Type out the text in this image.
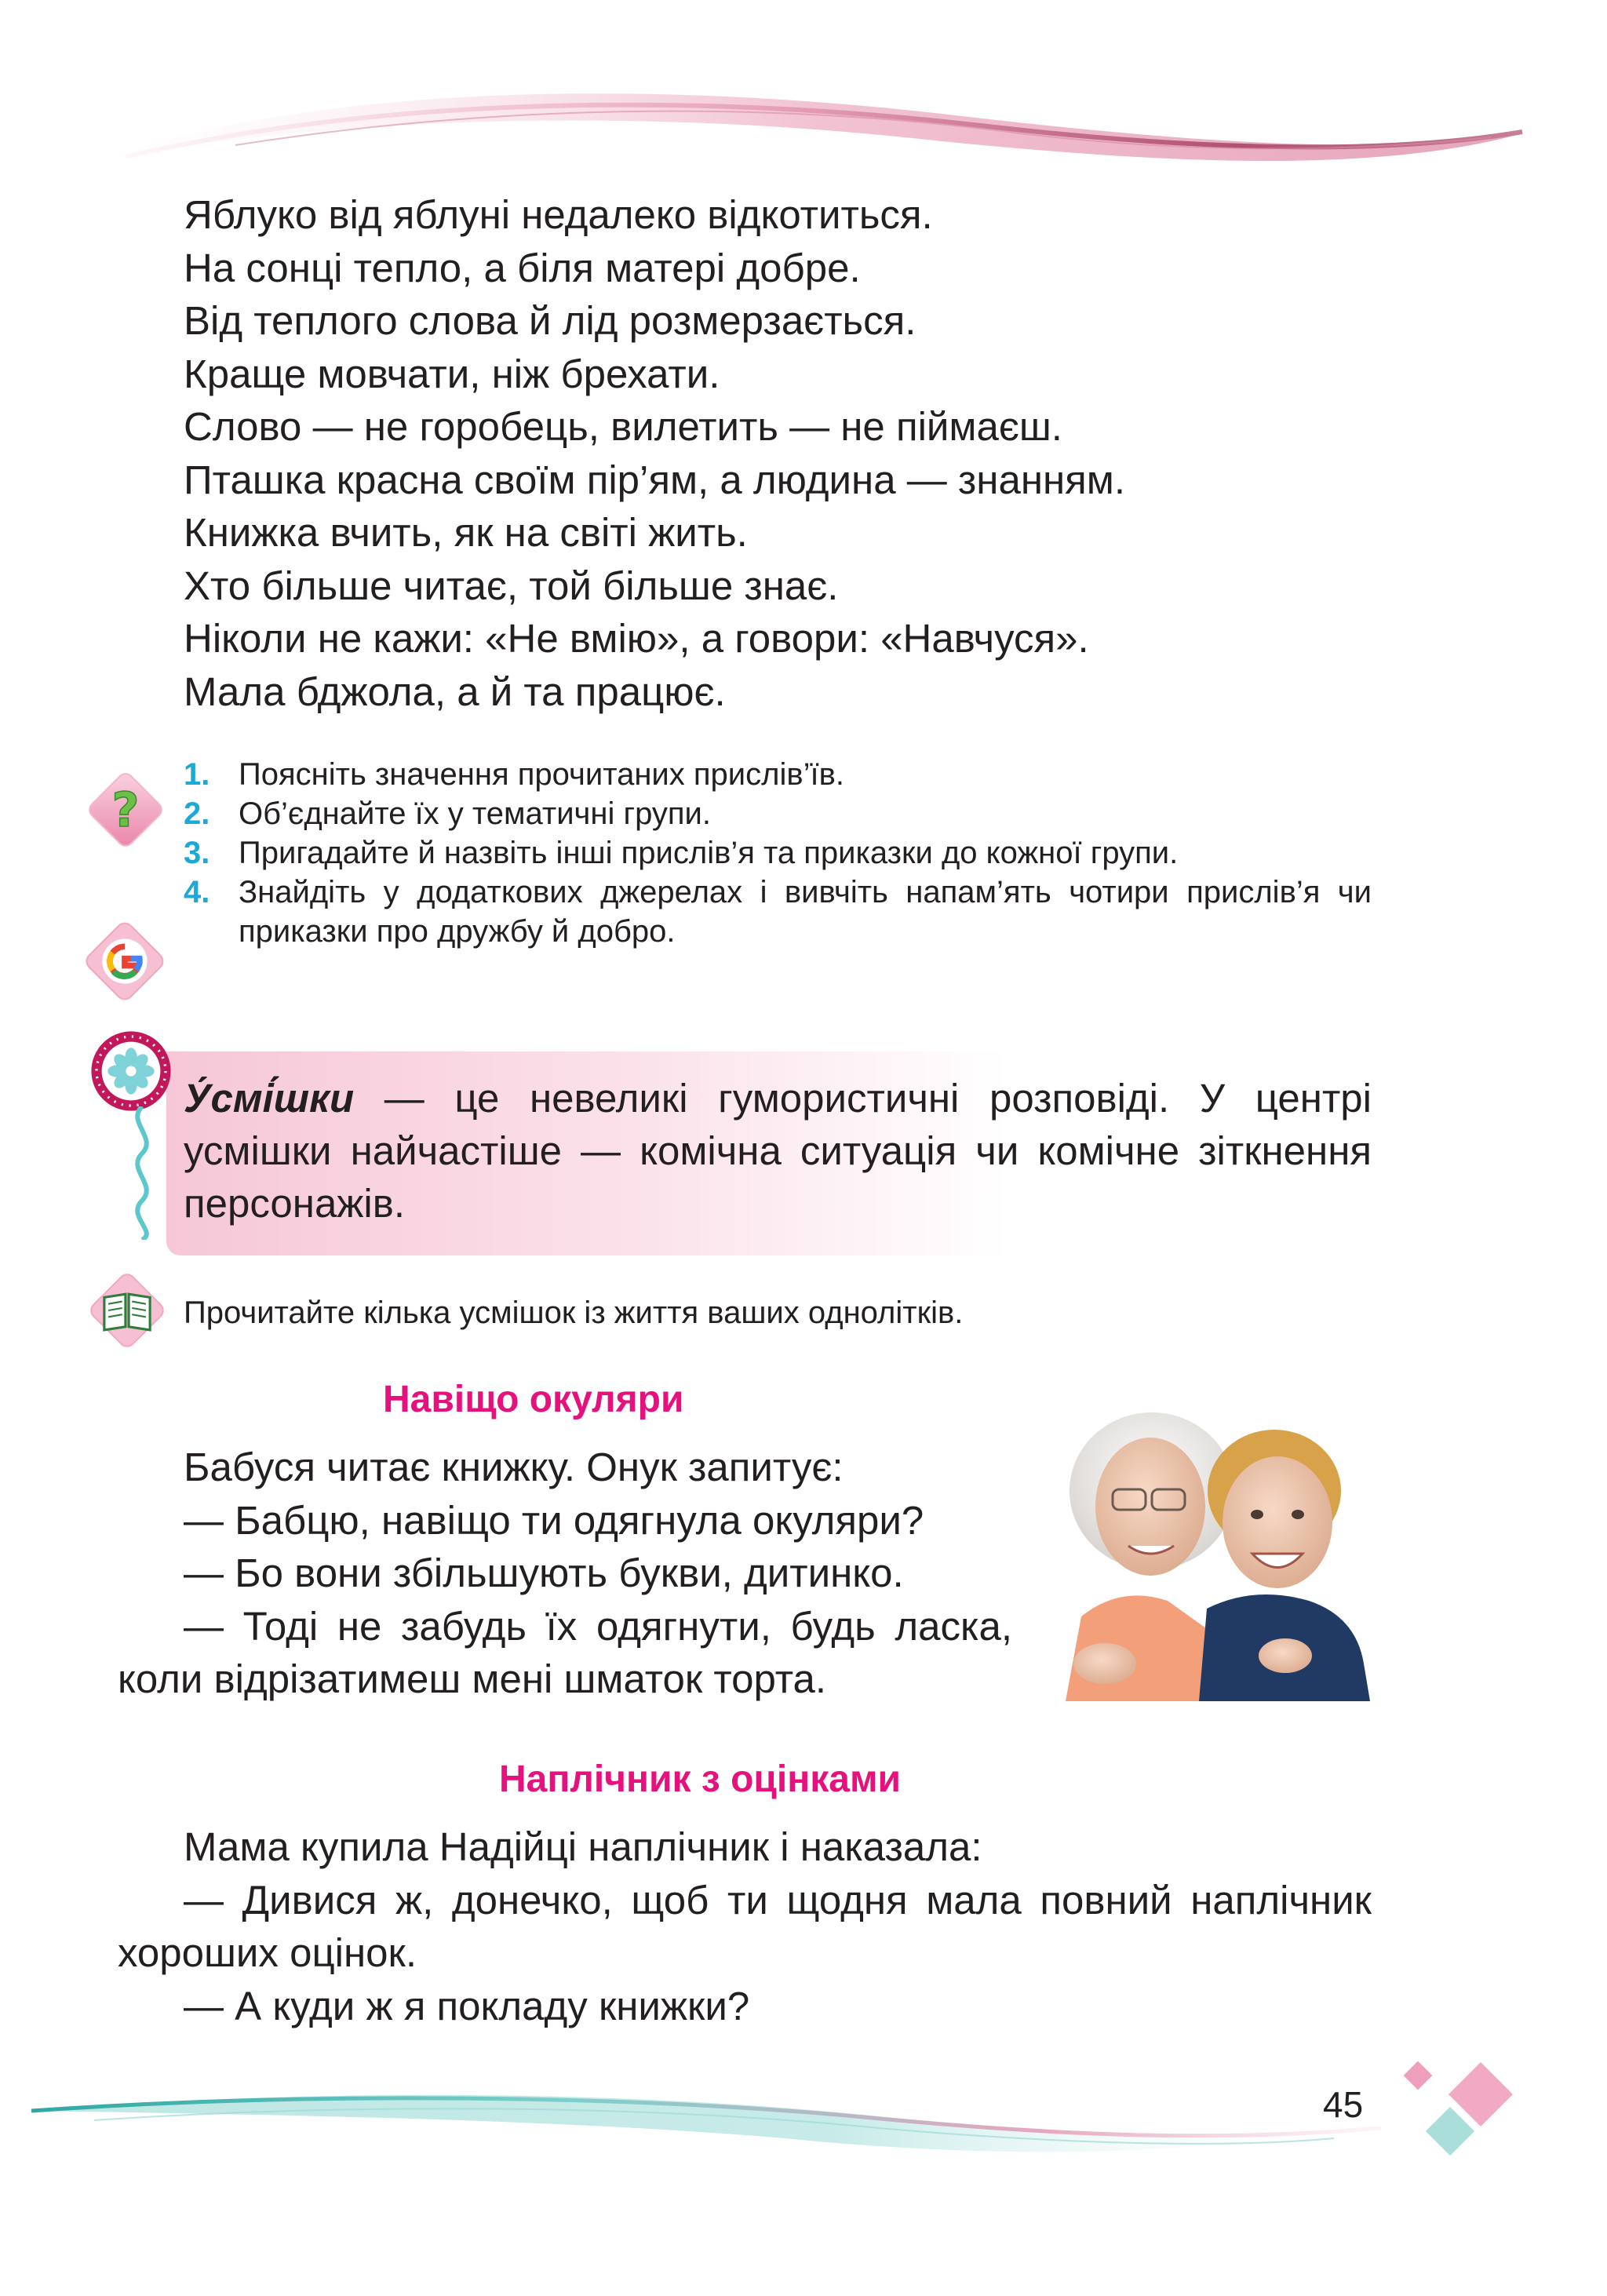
Яблуко від яблуні недалеко відкотиться.
На сонці тепло, а біля матері добре.
Від теплого слова й лід розмерзається.
Краще мовчати, ніж брехати.
Слово — не горобець, вилетить — не піймаєш.
Пташка красна своїм пір’ям, а людина — знанням.
Книжка вчить, як на світі жить.
Хто більше читає, той більше знає.
Ніколи не кажи: «Не вмію», а говори: «Навчуся».
Мала бджола, а й та працює.
?
1. Поясніть значення прочитаних прислів’їв.
2. Об’єднайте їх у тематичні групи.
3. Пригадайте й назвіть інші прислів’я та приказки до кожної групи.
4. Знайдіть у додаткових джерелах і вивчіть напам’ять чотири прислів’я чи приказки про дружбу й добро.
У́смі́шки — це невеликі гумористичні розповіді. У центрі усмішки найчастіше — комічна ситуація чи комічне зіткнення персонажів.
Прочитайте кілька усмішок із життя ваших однолітків.
Навіщо окуляри
Бабуся читає книжку. Онук запитує:
— Бабцю, навіщо ти одягнула окуляри?
— Бо вони збільшують букви, дитинко.
— Тоді не забудь їх одягнути, будь ласка, коли відрізатимеш мені шматок торта.
Наплічник з оцінками
Мама купила Надійці наплічник і наказала:
— Дивися ж, донечко, щоб ти щодня мала повний наплічник хороших оцінок.
— А куди ж я покладу книжки?
45
